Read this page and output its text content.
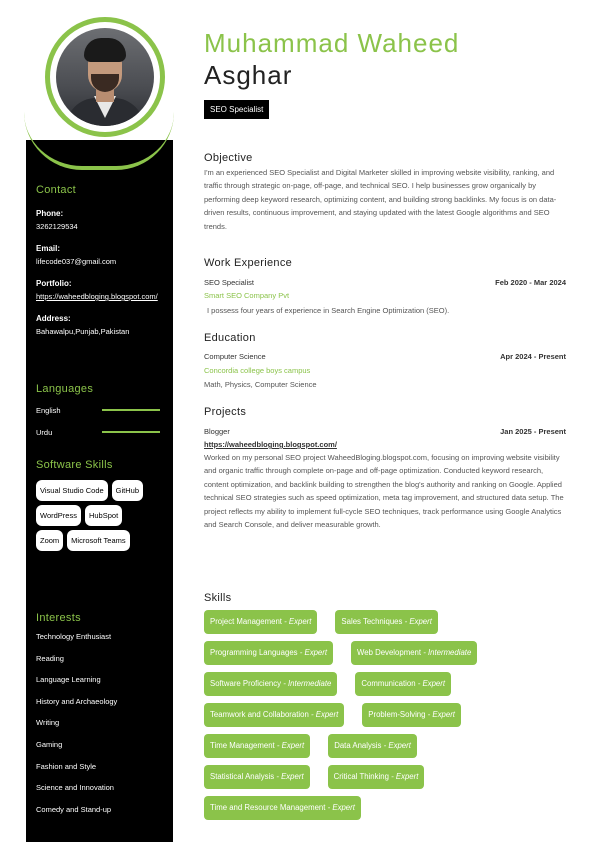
Contact
Phone:
3262129534
Email:
lifecode037@gmail.com
Portfolio:
https://waheedbloging.blogspot.com/
Address:
Bahawalpu,Punjab,Pakistan
Languages
English
Urdu
Software Skills
Visual Studio Code	GitHub
WordPress	HubSpot
Zoom	Microsoft Teams
Interests
Technology Enthusiast
Reading
Language Learning
History and Archaeology
Writing
Gaming
Fashion and Style
Science and Innovation
Comedy and Stand-up
Muhammad Waheed
Asghar
SEO Specialist
Objective
I'm an experienced SEO Specialist and Digital Marketer skilled in improving website visibility, ranking, and traffic through strategic on-page, off-page, and technical SEO. I help businesses grow organically by performing deep keyword research, optimizing content, and building strong backlinks. My focus is on data-driven results, continuous improvement, and staying updated with the latest Google algorithms and SEO trends.
Work Experience
SEO Specialist	Feb 2020 - Mar 2024
Smart SEO Company Pvt
I possess four years of experience in Search Engine Optimization (SEO).
Education
Computer Science	Apr 2024 - Present
Concordia college boys campus
Math, Physics, Computer Science
Projects
Blogger	Jan 2025 - Present
https://waheedbloging.blogspot.com/
Worked on my personal SEO project WaheedBloging.blogspot.com, focusing on improving website visibility and organic traffic through complete on-page and off-page optimization. Conducted keyword research, content optimization, and backlink building to strengthen the blog's authority and ranking on Google. Applied technical SEO strategies such as speed optimization, meta tag improvement, and structured data setup. The project reflects my ability to implement full-cycle SEO techniques, track performance using Google Analytics and Search Console, and deliver measurable growth.
Skills
Project Management - Expert	Sales Techniques - Expert
Programming Languages - Expert	Web Development - Intermediate
Software Proficiency - Intermediate	Communication - Expert
Teamwork and Collaboration - Expert	Problem-Solving - Expert
Time Management - Expert	Data Analysis - Expert
Statistical Analysis - Expert	Critical Thinking - Expert
Time and Resource Management - Expert
